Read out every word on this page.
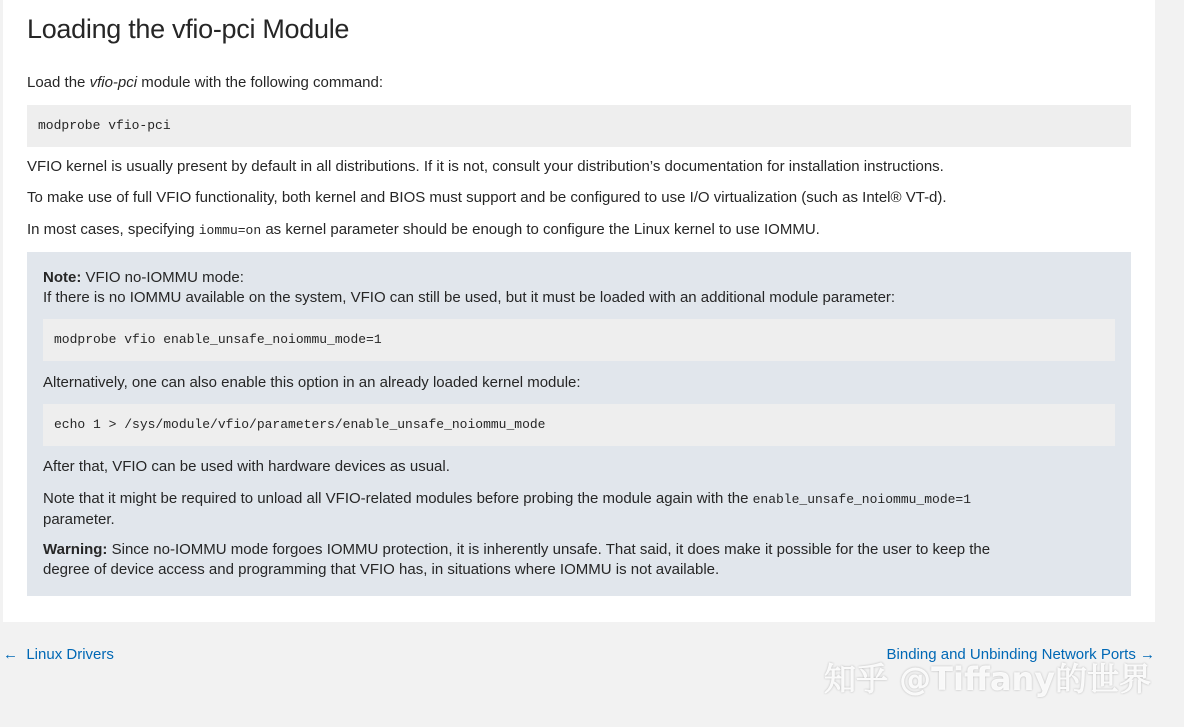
Loading the vfio-pci Module

Load the vfio-pci module with the following command:

modprobe vfio-pci

VFIO kernel is usually present by default in all distributions. If it is not, consult your distribution’s documentation for installation instructions.

To make use of full VFIO functionality, both kernel and BIOS must support and be configured to use I/O virtualization (such as Intel® VT-d).

In most cases, specifying iommu=on as kernel parameter should be enough to configure the Linux kernel to use IOMMU.

Note: VFIO no-IOMMU mode:

If there is no IOMMU available on the system, VFIO can still be used, but it must be loaded with an additional module parameter:

modprobe vfio enable_unsafe_noiommu_mode=1

Alternatively, one can also enable this option in an already loaded kernel module:

echo 1 > /sys/module/vfio/parameters/enable_unsafe_noiommu_mode

After that, VFIO can be used with hardware devices as usual.

Note that it might be required to unload all VFIO-related modules before probing the module again with the enable_unsafe_noiommu_mode=1
parameter.

Warning: Since no-IOMMU mode forgoes IOMMU protection, it is inherently unsafe. That said, it does make it possible for the user to keep the
degree of device access and programming that VFIO has, in situations where IOMMU is not available.

← Linux Drivers	Binding and Unbinding Network Ports →
知乎 @Tiffany的世界
